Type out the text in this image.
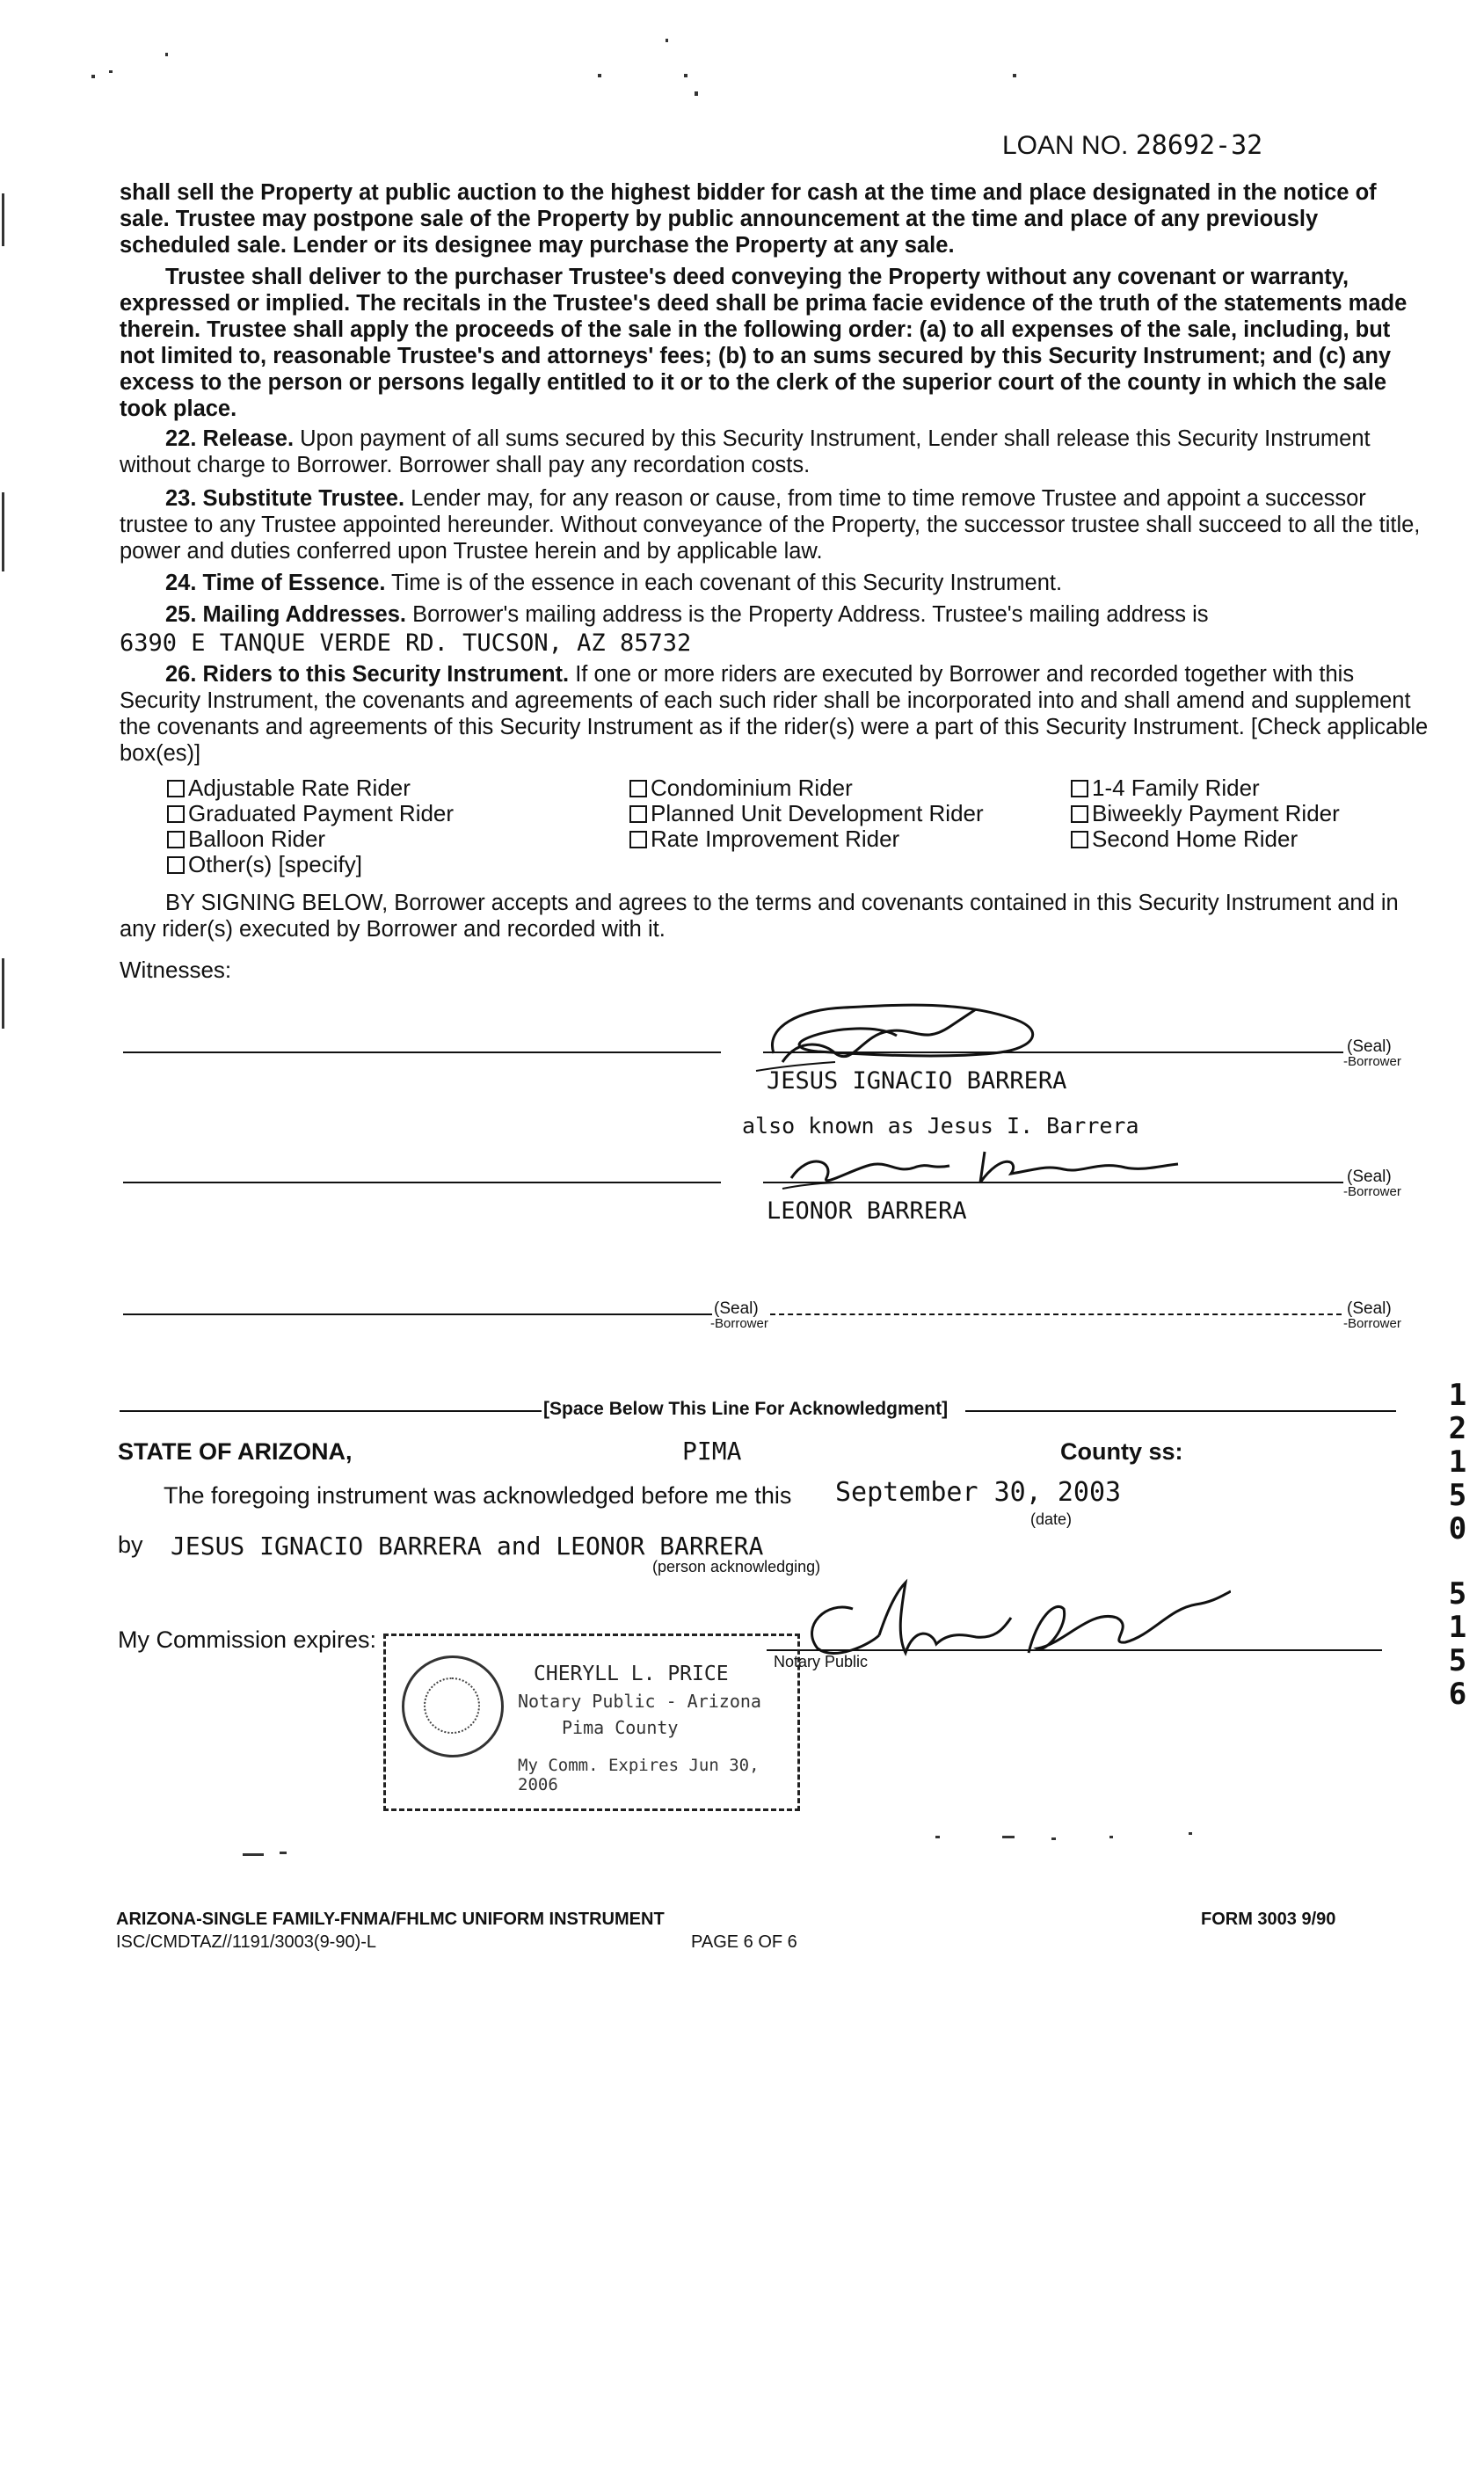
LOAN NO. 28692-32

shall sell the Property at public auction to the highest bidder for cash at the time and place designated in the notice of sale. Trustee may postpone sale of the Property by public announcement at the time and place of any previously scheduled sale. Lender or its designee may purchase the Property at any sale.

Trustee shall deliver to the purchaser Trustee's deed conveying the Property without any covenant or warranty, expressed or implied. The recitals in the Trustee's deed shall be prima facie evidence of the truth of the statements made therein. Trustee shall apply the proceeds of the sale in the following order: (a) to all expenses of the sale, including, but not limited to, reasonable Trustee's and attorneys' fees; (b) to an sums secured by this Security Instrument; and (c) any excess to the person or persons legally entitled to it or to the clerk of the superior court of the county in which the sale took place.

22. Release. Upon payment of all sums secured by this Security Instrument, Lender shall release this Security Instrument without charge to Borrower. Borrower shall pay any recordation costs.

23. Substitute Trustee. Lender may, for any reason or cause, from time to time remove Trustee and appoint a successor trustee to any Trustee appointed hereunder. Without conveyance of the Property, the successor trustee shall succeed to all the title, power and duties conferred upon Trustee herein and by applicable law.

24. Time of Essence. Time is of the essence in each covenant of this Security Instrument.

25. Mailing Addresses. Borrower's mailing address is the Property Address. Trustee's mailing address is

6390 E TANQUE VERDE RD. TUCSON, AZ 85732

26. Riders to this Security Instrument. If one or more riders are executed by Borrower and recorded together with this Security Instrument, the covenants and agreements of each such rider shall be incorporated into and shall amend and supplement the covenants and agreements of this Security Instrument as if the rider(s) were a part of this Security Instrument. [Check applicable box(es)]

Adjustable Rate Rider
Graduated Payment Rider
Balloon Rider
Other(s) [specify]
Condominium Rider
Planned Unit Development Rider
Rate Improvement Rider
1-4 Family Rider
Biweekly Payment Rider
Second Home Rider

BY SIGNING BELOW, Borrower accepts and agrees to the terms and covenants contained in this Security Instrument and in any rider(s) executed by Borrower and recorded with it.

Witnesses:
(Seal)
-Borrower
JESUS IGNACIO BARRERA
also known as Jesus I. Barrera
(Seal)
-Borrower
LEONOR BARRERA
(Seal)
-Borrower
(Seal)
-Borrower
[Space Below This Line For Acknowledgment]
STATE OF ARIZONA,	PIMA	County ss:
The foregoing instrument was acknowledged before me this September 30, 2003
(date)
by JESUS IGNACIO BARRERA and LEONOR BARRERA
(person acknowledging)
My Commission expires:
Notary Public
CHERYLL L. PRICE
Notary Public - Arizona
Pima County
My Comm. Expires Jun 30, 2006
1
2
1
5
0
5
1
5
6
ARIZONA-SINGLE FAMILY-FNMA/FHLMC UNIFORM INSTRUMENT
ISC/CMDTAZ//1191/3003(9-90)-L	PAGE 6 OF 6
FORM 3003 9/90
